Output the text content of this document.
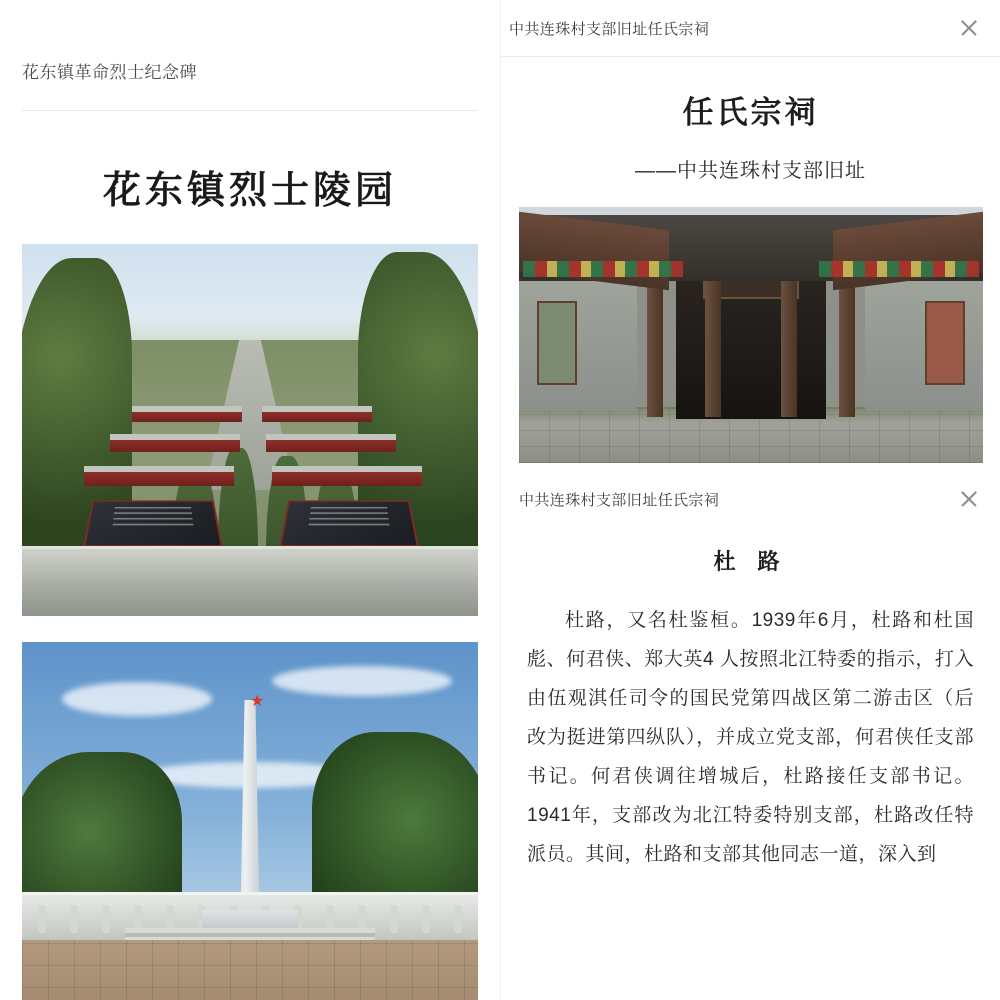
花东镇革命烈士纪念碑
花东镇烈士陵园
中共连珠村支部旧址任氏宗祠
任氏宗祠
——中共连珠村支部旧址
中共连珠村支部旧址任氏宗祠
杜 路
杜路，又名杜鉴桓。1939年6月，杜路和杜国彪、何君侠、郑大英4 人按照北江特委的指示，打入由伍观淇任司令的国民党第四战区第二游击区（后改为挺进第四纵队），并成立党支部，何君侠任支部书记。何君侠调往增城后，杜路接任支部书记。1941年，支部改为北江特委特别支部，杜路改任特派员。其间，杜路和支部其他同志一道，深入到
